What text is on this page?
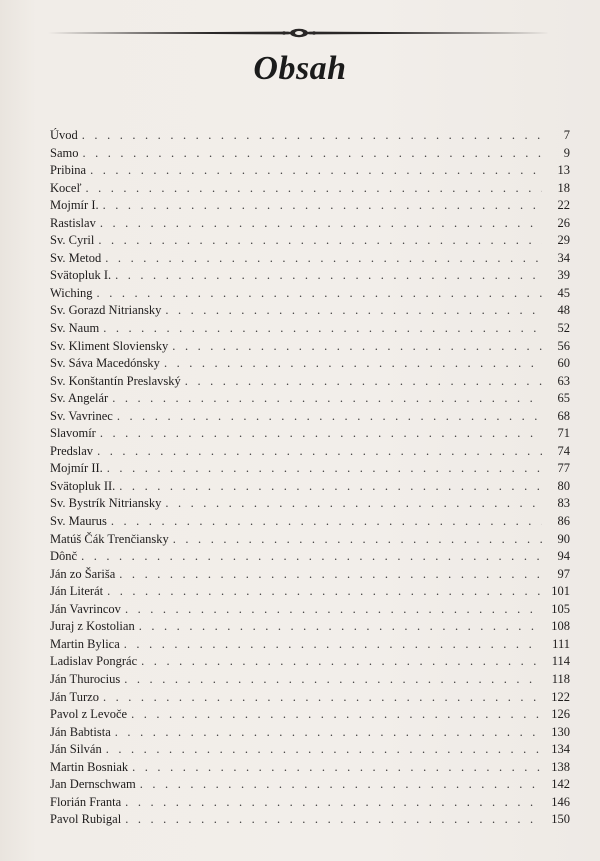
Obsah
Úvod . . .	7
Samo . . .	9
Pribina . . .	13
Koceľ . . .	18
Mojmír I. . . .	22
Rastislav . . .	26
Sv. Cyril . . .	29
Sv. Metod . . .	34
Svätopluk I. . . .	39
Wiching . . .	45
Sv. Gorazd Nitriansky . . .	48
Sv. Naum . . .	52
Sv. Kliment Sloviensky . . .	56
Sv. Sáva Macedónsky . . .	60
Sv. Konštantín Preslavský . . .	63
Sv. Angelár . . .	65
Sv. Vavrinec . . .	68
Slavomír . . .	71
Predslav . . .	74
Mojmír II. . . .	77
Svätopluk II. . . .	80
Sv. Bystrík Nitriansky . . .	83
Sv. Maurus . . .	86
Matúš Čák Trenčiansky . . .	90
Dônč . . .	94
Ján zo Šariša . . .	97
Ján Literát . . .	101
Ján Vavrincov . . .	105
Juraj z Kostolian . . .	108
Martin Bylica . . .	111
Ladislav Pongrác . . .	114
Ján Thurocius . . .	118
Ján Turzo . . .	122
Pavol z Levoče . . .	126
Ján Babtista . . .	130
Ján Silván . . .	134
Martin Bosniak . . .	138
Jan Dernschwam . . .	142
Florián Franta . . .	146
Pavol Rubigal . . .	150
